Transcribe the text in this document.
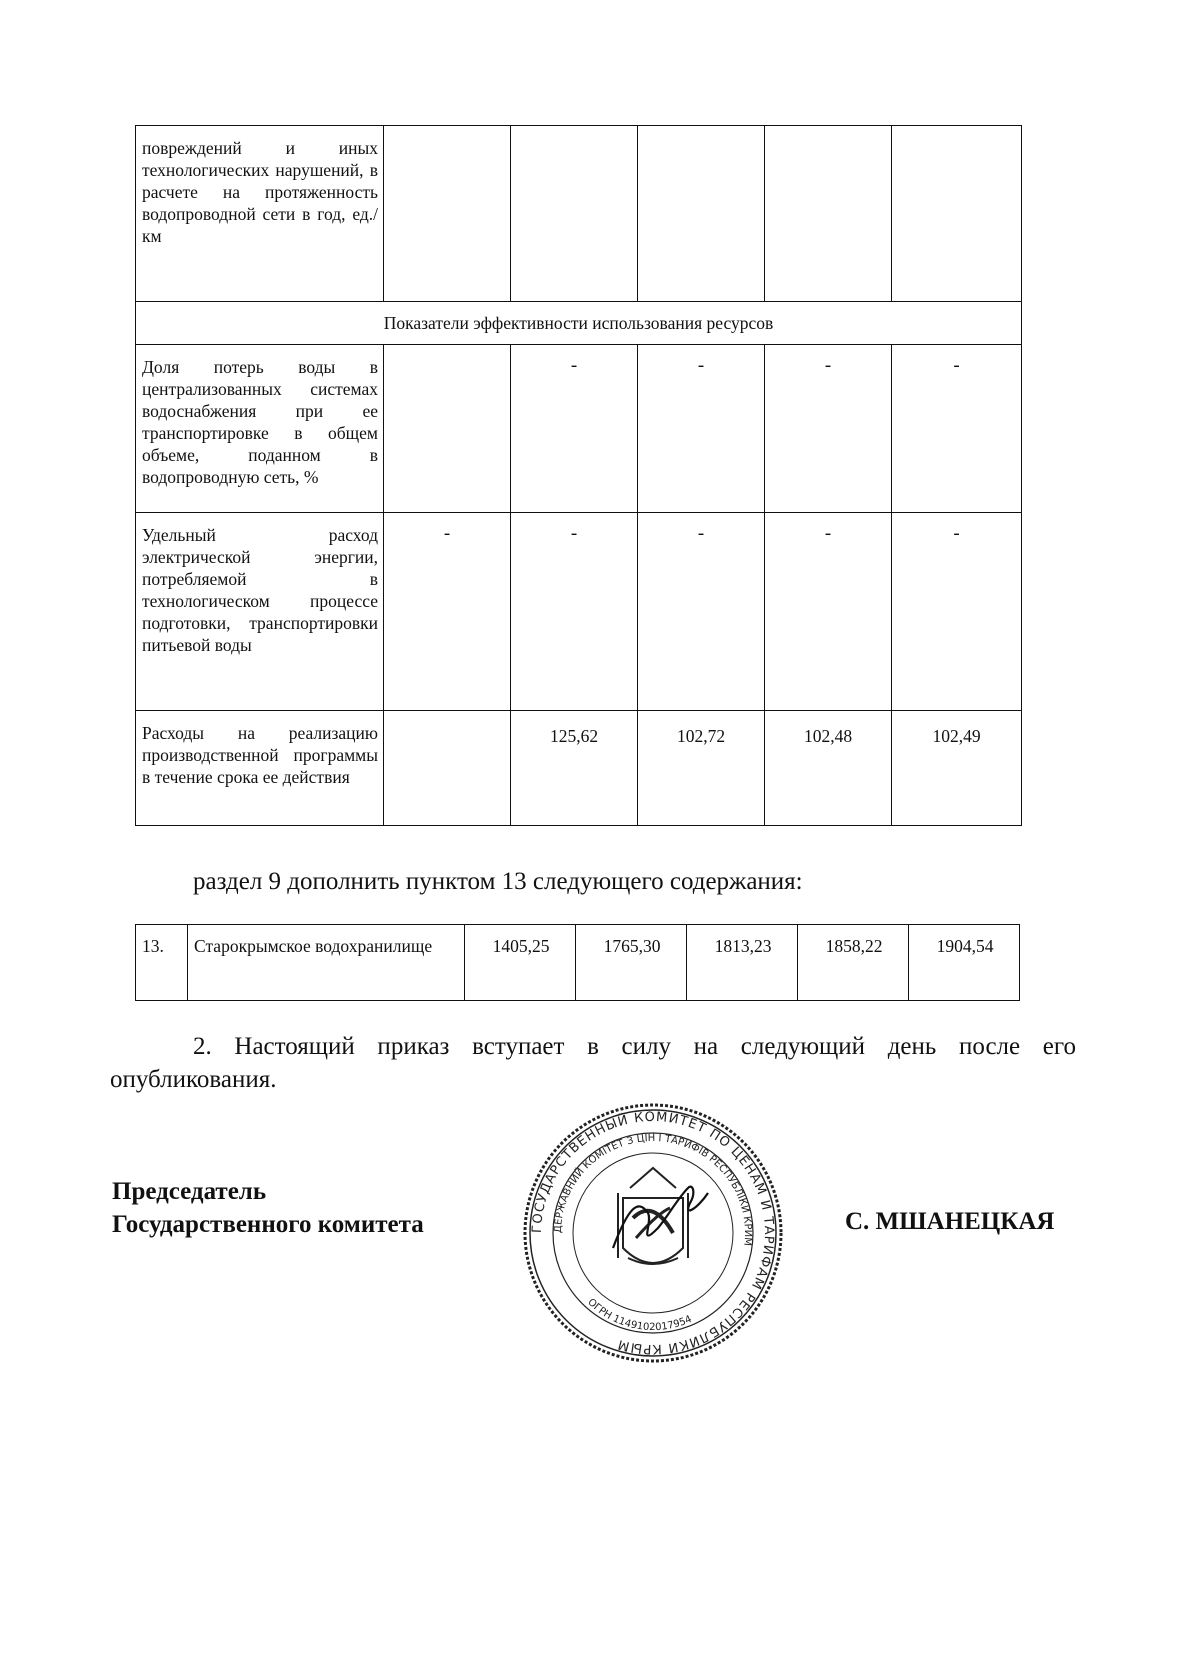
повреждений и иных технологических нарушений, в расчете на протяженность водопроводной сети в год, ед./км					
Показатели эффективности использования ресурсов					
Доля потерь воды в централизованных системах водоснабжения при ее транспортировке в общем объеме, поданном в водопроводную сеть, %		-	-	-	-
Удельный расход электрической энергии, потребляемой в технологическом процессе подготовки, транспортировки питьевой воды	-	-	-	-	-
Расходы на реализацию производственной программы в течение срока ее действия		125,62	102,72	102,48	102,49
раздел 9 дополнить пунктом 13 следующего содержания:
13.	Старокрымское водохранилище	1405,25	1765,30	1813,23	1858,22	1904,54
2. Настоящий приказ вступает в силу на следующий день после его опубликования.
Председатель
Государственного комитета	С. МШАНЕЦКАЯ
ГОСУДАРСТВЕННЫЙ КОМИТЕТ ПО ЦЕНАМ И ТАРИФАМ РЕСПУБЛИКИ КРЫМ
ДЕРЖАВНИЙ КОМІТЕТ З ЦІН І ТАРИФІВ РЕСПУБЛІКИ КРИМ
ОГРН 1149102017954
